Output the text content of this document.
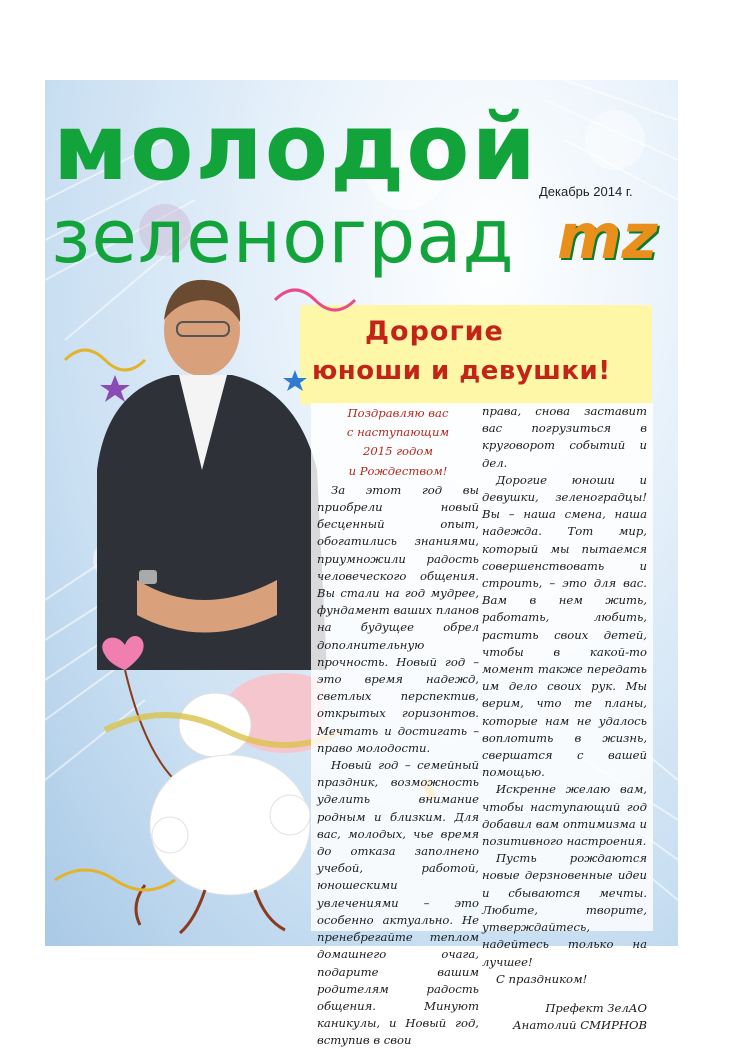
молодой Декабрь 2014 г.
зеленоград mz
Дорогие
юноши и девушки!

Поздравляю вас

с наступающим

2015 годом

и Рождеством!

За этот год вы приобрели новый бесценный опыт, обогатились знаниями, приумножили радость человеческого общения. Вы стали на год мудрее, фундамент ваших планов на будущее обрел дополнительную прочность. Новый год – это время надежд, светлых перспектив, открытых горизонтов. Мечтать и достигать – право молодости.

Новый год – семейный праздник, возможность уделить внимание родным и близким. Для вас, молодых, чье время до отказа заполнено учебой, работой, юношескими увлечениями – это особенно актуально. Не пренебрегайте теплом домашнего очага, подарите вашим родителям радость общения. Минуют каникулы, и Новый год, вступив в свои

права, снова заставит вас погрузиться в круговорот событий и дел.

Дорогие юноши и девушки, зеленоградцы! Вы – наша смена, наша надежда. Тот мир, который мы пытаемся совершенствовать и строить, – это для вас. Вам в нем жить, работать, любить, растить своих детей, чтобы в какой-то момент также передать им дело своих рук. Мы верим, что те планы, которые нам не удалось воплотить в жизнь, свершатся с вашей помощью.

Искренне желаю вам, чтобы наступающий год добавил вам оптимизма и позитивного настроения.

Пусть рождаются новые дерзновенные идеи и сбываются мечты. Любите, творите, утверждайтесь, надейтесь только на лучшее!

С праздником!

Префект ЗелАО
Анатолий СМИРНОВ
